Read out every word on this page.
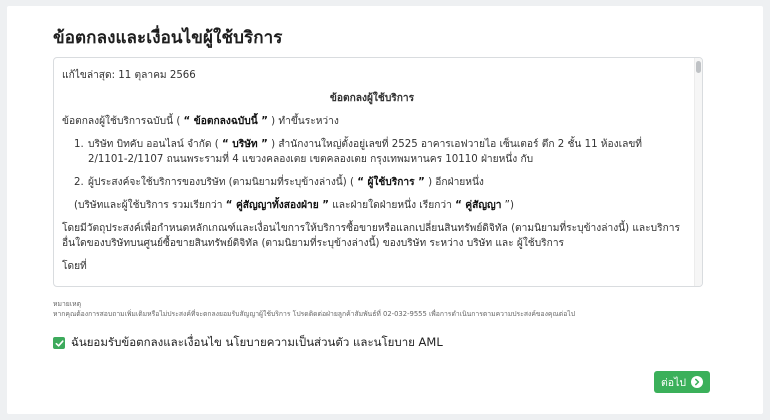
ข้อตกลงและเงื่อนไขผู้ใช้บริการ

แก้ไขล่าสุด: 11 ตุลาคม 2566

ข้อตกลงผู้ใช้บริการ

ข้อตกลงผู้ใช้บริการฉบับนี้ ( “ ข้อตกลงฉบับนี้ ” ) ทำขึ้นระหว่าง

1. บริษัท บิทคับ ออนไลน์ จำกัด ( “ บริษัท ” ) สำนักงานใหญ่ตั้งอยู่เลขที่ 2525 อาคารเอฟวายไอ เซ็นเตอร์ ตึก 2 ชั้น 11 ห้องเลขที่ 2/1101-2/1107 ถนนพระรามที่ 4 แขวงคลองเตย เขตคลองเตย กรุงเทพมหานคร 10110 ฝ่ายหนึ่ง กับ
2. ผู้ประสงค์จะใช้บริการของบริษัท (ตามนิยามที่ระบุข้างล่างนี้) ( “ ผู้ใช้บริการ ” ) อีกฝ่ายหนึ่ง

(บริษัทและผู้ใช้บริการ รวมเรียกว่า “ คู่สัญญาทั้งสองฝ่าย ” และฝ่ายใดฝ่ายหนึ่ง เรียกว่า “ คู่สัญญา ”)

โดยมีวัตถุประสงค์เพื่อกำหนดหลักเกณฑ์และเงื่อนไขการให้บริการซื้อขายหรือแลกเปลี่ยนสินทรัพย์ดิจิทัล (ตามนิยามที่ระบุข้างล่างนี้) และบริการอื่นใดของบริษัทบนศูนย์ซื้อขายสินทรัพย์ดิจิทัล (ตามนิยามที่ระบุข้างล่างนี้) ของบริษัท ระหว่าง บริษัท และ ผู้ใช้บริการ

โดยที่

หมายเหตุ
หากคุณต้องการสอบถามเพิ่มเติมหรือไม่ประสงค์ที่จะตกลงยอมรับสัญญาผู้ใช้บริการ โปรดติดต่อฝ่ายลูกค้าสัมพันธ์ที่ 02-032-9555 เพื่อการดำเนินการตามความประสงค์ของคุณต่อไป
ฉันยอมรับข้อตกลงและเงื่อนไข นโยบายความเป็นส่วนตัว และนโยบาย AML
ต่อไป
